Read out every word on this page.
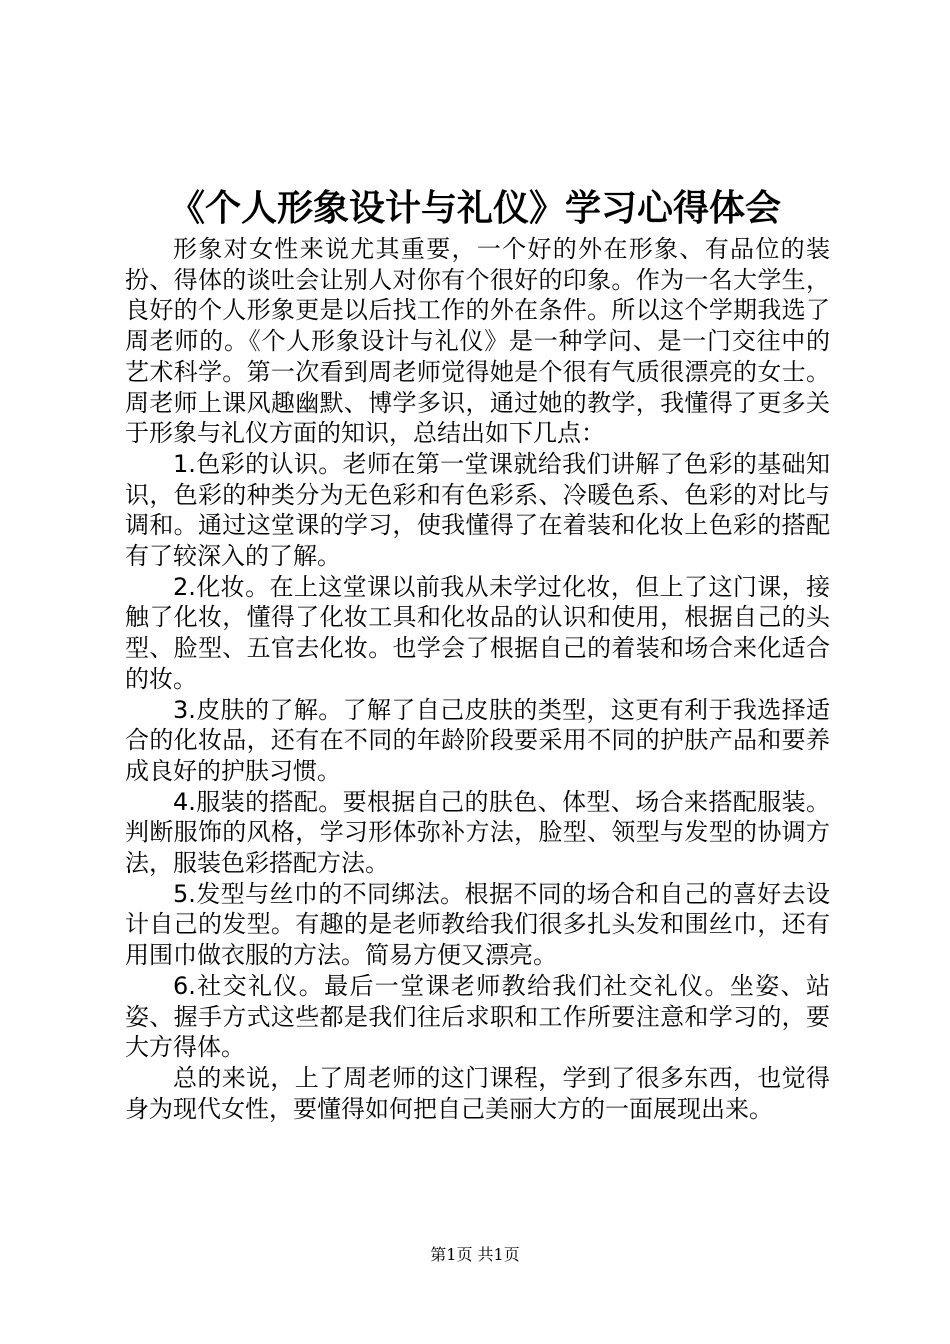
《个人形象设计与礼仪》学习心得体会

形象对女性来说尤其重要，一个好的外在形象、有品位的装扮、得体的谈吐会让别人对你有个很好的印象。作为一名大学生，良好的个人形象更是以后找工作的外在条件。所以这个学期我选了周老师的。《个人形象设计与礼仪》是一种学问、是一门交往中的艺术科学。第一次看到周老师觉得她是个很有气质很漂亮的女士。周老师上课风趣幽默、博学多识，通过她的教学，我懂得了更多关于形象与礼仪方面的知识，总结出如下几点：

1.色彩的认识。老师在第一堂课就给我们讲解了色彩的基础知识，色彩的种类分为无色彩和有色彩系、冷暖色系、色彩的对比与调和。通过这堂课的学习，使我懂得了在着装和化妆上色彩的搭配有了较深入的了解。

2.化妆。在上这堂课以前我从未学过化妆，但上了这门课，接触了化妆，懂得了化妆工具和化妆品的认识和使用，根据自己的头型、脸型、五官去化妆。也学会了根据自己的着装和场合来化适合的妆。

3.皮肤的了解。了解了自己皮肤的类型，这更有利于我选择适合的化妆品，还有在不同的年龄阶段要采用不同的护肤产品和要养成良好的护肤习惯。

4.服装的搭配。要根据自己的肤色、体型、场合来搭配服装。判断服饰的风格，学习形体弥补方法，脸型、领型与发型的协调方法，服装色彩搭配方法。

5.发型与丝巾的不同绑法。根据不同的场合和自己的喜好去设计自己的发型。有趣的是老师教给我们很多扎头发和围丝巾，还有用围巾做衣服的方法。简易方便又漂亮。

6.社交礼仪。最后一堂课老师教给我们社交礼仪。坐姿、站姿、握手方式这些都是我们往后求职和工作所要注意和学习的，要大方得体。

总的来说，上了周老师的这门课程，学到了很多东西，也觉得身为现代女性，要懂得如何把自己美丽大方的一面展现出来。

第1页 共1页
